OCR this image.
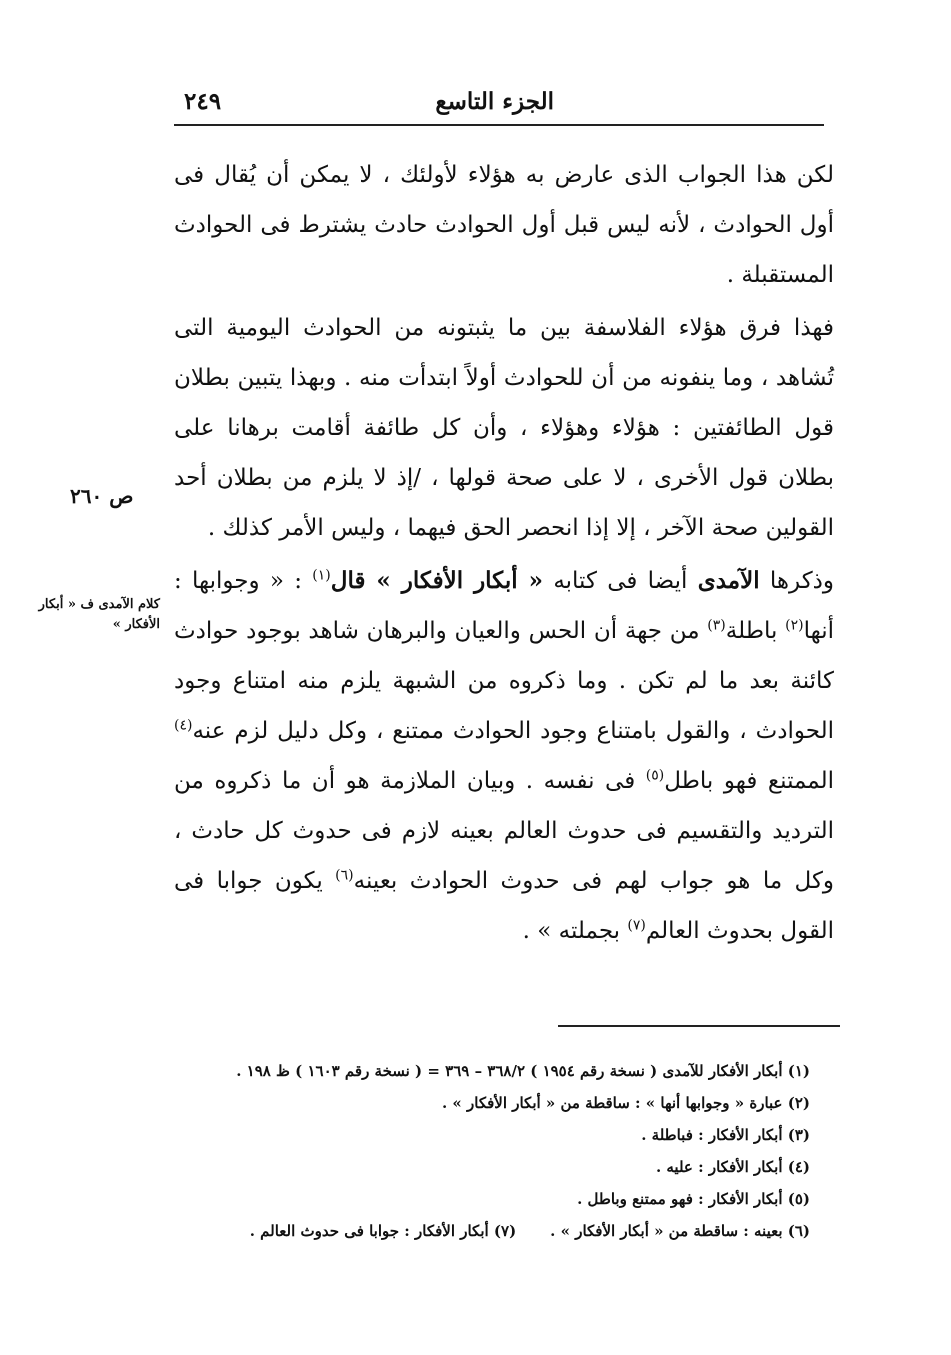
الجزء التاسع
٢٤٩
ص ٢٦٠
كلام الآمدى ف « أبكار الأفكار »

لكن هذا الجواب الذى عارض به هؤلاء لأولئك ، لا يمكن أن يُقال فى أول الحوادث ، لأنه ليس قبل أول الحوادث حادث يشترط فى الحوادث المستقبلة .

فهذا فرق هؤلاء الفلاسفة بين ما يثبتونه من الحوادث اليومية التى تُشاهد ، وما ينفونه من أن للحوادث أولاً ابتدأت منه . وبهذا يتبين بطلان قول الطائفتين : هؤلاء وهؤلاء ، وأن كل طائفة أقامت برهانا على بطلان قول الأخرى ، لا على صحة قولها ، /إذ لا يلزم من بطلان أحد القولين صحة الآخر ، إلا إذا انحصر الحق فيهما ، وليس الأمر كذلك .

وذكرها الآمدى أيضا فى كتابه « أبكار الأفكار » قال$^{(١)}$ : « وجوابها : أنها$^{(٢)}$ باطلة$^{(٣)}$ من جهة أن الحس والعيان والبرهان شاهد بوجود حوادث كائنة بعد ما لم تكن . وما ذكروه من الشبهة يلزم منه امتناع وجود الحوادث ، والقول بامتناع وجود الحوادث ممتنع ، وكل دليل لزم عنه$^{(٤)}$ الممتنع فهو باطل$^{(٥)}$ فى نفسه . وبيان الملازمة هو أن ما ذكروه من الترديد والتقسيم فى حدوث العالم بعينه لازم فى حدوث كل حادث ، وكل ما هو جواب لهم فى حدوث الحوادث بعينه$^{(٦)}$ يكون جوابا فى القول بحدوث العالم$^{(٧)}$ بجملته » .

(١) أبكار الأفكار للآمدى ( نسخة رقم ١٩٥٤ ) ٣٦٨/٢ – ٣٦٩ = ( نسخة رقم ١٦٠٣ ) ظ ١٩٨ .
(٢) عبارة « وجوابها أنها » : ساقطة من « أبكار الأفكار » .
(٣) أبكار الأفكار : فباطلة .
(٤) أبكار الأفكار : عليه .
(٥) أبكار الأفكار : فهو ممتنع وباطل .
(٦) بعينه : ساقطة من « أبكار الأفكار » .
(٧) أبكار الأفكار : جوابا فى حدوث العالم .
